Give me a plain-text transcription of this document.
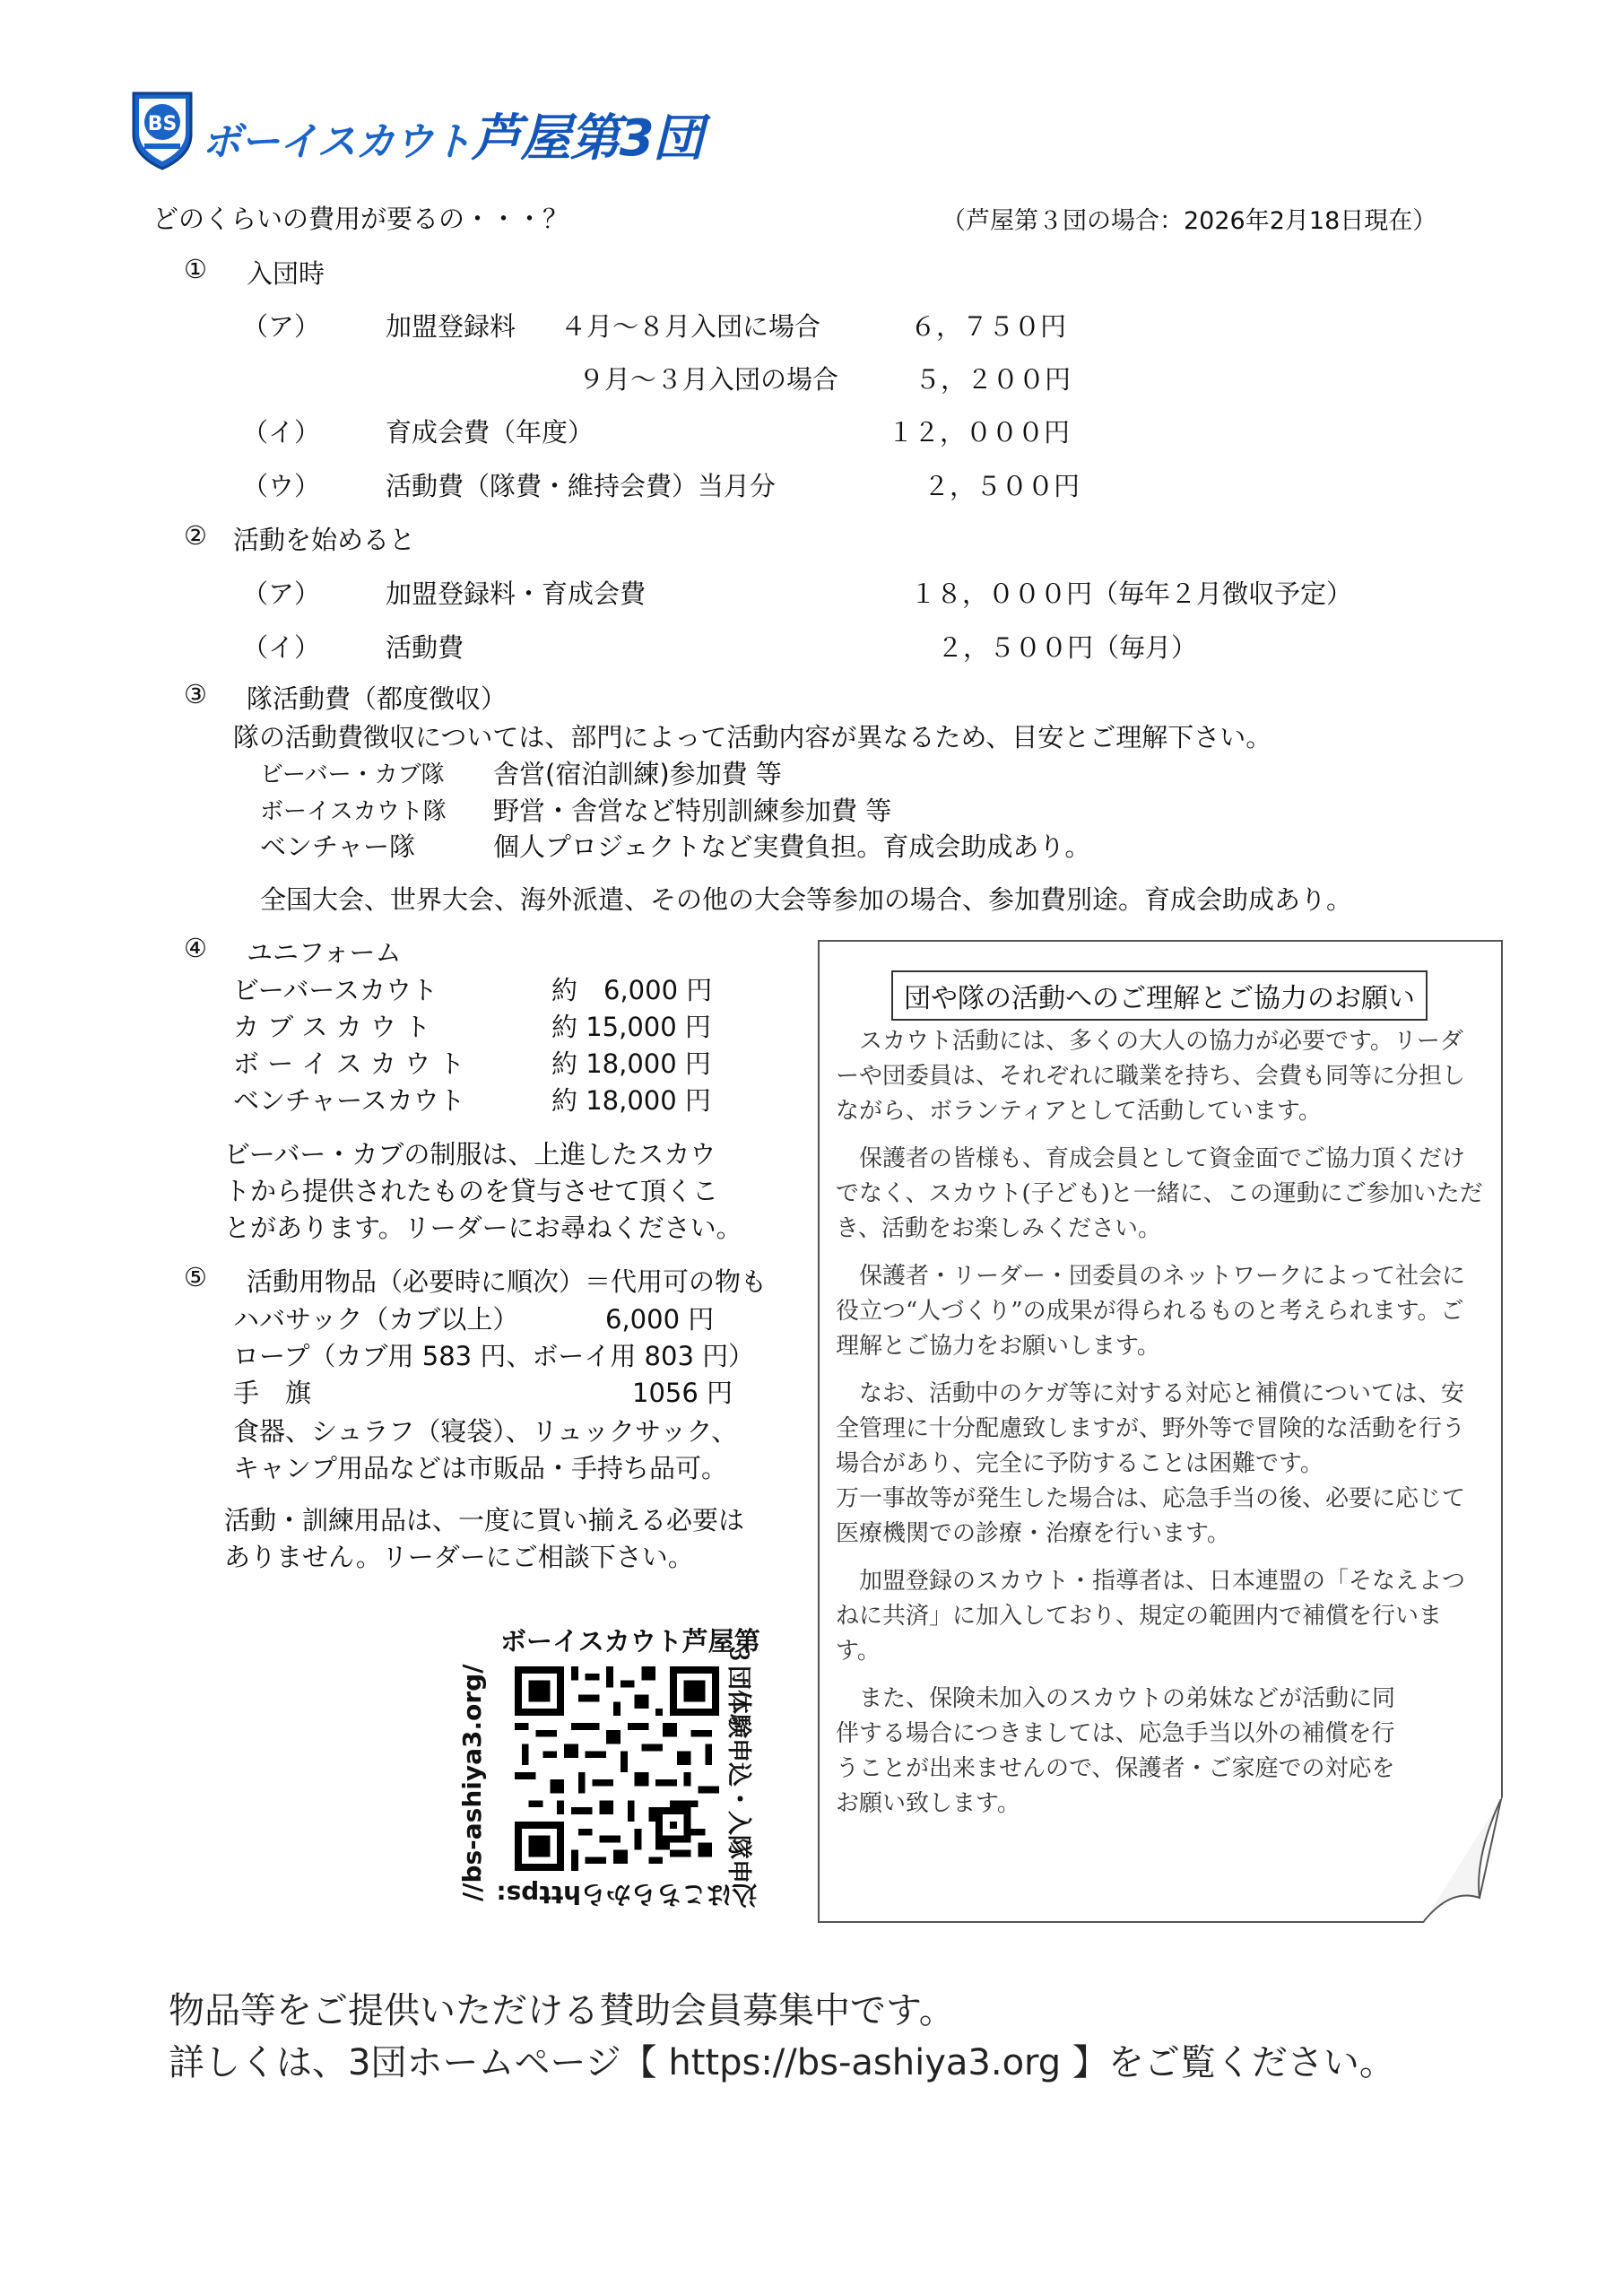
BS ボーイスカウト芦屋第3団
どのくらいの費用が要るの・・・？	（芦屋第３団の場合：2026年2月18日現在）
① 入団時
（ア）	加盟登録料 ４月～８月入団に場合	６，７５０円
９月～３月入団の場合	５，２００円
（イ）	育成会費（年度）	１２，０００円
（ウ）	活動費（隊費・維持会費）当月分	２，５００円
② 活動を始めると
（ア）	加盟登録料・育成会費	１８，０００円（毎年２月徴収予定）
（イ）	活動費	２，５００円（毎月）
③ 隊活動費（都度徴収）
隊の活動費徴収については、部門によって活動内容が異なるため、目安とご理解下さい。
ビーバー・カブ隊 舎営(宿泊訓練)参加費 等
ボーイスカウト隊 野営・舎営など特別訓練参加費 等
ベンチャー隊	個人プロジェクトなど実費負担。育成会助成あり。
全国大会、世界大会、海外派遣、その他の大会等参加の場合、参加費別途。育成会助成あり。
④ ユニフォーム
ビーバースカウト	約　6,000 円
カ ブ ス カ ウ ト	約 15,000 円
ボ ー イ ス カ ウ ト	約 18,000 円
ベンチャースカウト	約 18,000 円
ビーバー・カブの制服は、上進したスカウ
トから提供されたものを貸与させて頂くこ
とがあります。リーダーにお尋ねください。
⑤ 活動用物品（必要時に順次）＝代用可の物も
ハバサック（カブ以上）	6,000 円
ロープ（カブ用 583 円、ボーイ用 803 円）
手　旗	1056 円
食器、シュラフ（寝袋）、リュックサック、
キャンプ用品などは市販品・手持ち品可。
活動・訓練用品は、一度に買い揃える必要は
ありません。リーダーにご相談下さい。
団や隊の活動へのご理解とご協力のお願い

スカウト活動には、多くの大人の協力が必要です。リーダーや団委員は、それぞれに職業を持ち、会費も同等に分担しながら、ボランティアとして活動しています。

保護者の皆様も、育成会員として資金面でご協力頂くだけでなく、スカウト(子ども)と一緒に、この運動にご参加いただき、活動をお楽しみください。

保護者・リーダー・団委員のネットワークによって社会に役立つ“人づくり”の成果が得られるものと考えられます。ご理解とご協力をお願いします。

なお、活動中のケガ等に対する対応と補償については、安全管理に十分配慮致しますが、野外等で冒険的な活動を行う場合があり、完全に予防することは困難です。

万一事故等が発生した場合は、応急手当の後、必要に応じて医療機関での診療・治療を行います。

加盟登録のスカウト・指導者は、日本連盟の「そなえよつねに共済」に加入しており、規定の範囲内で補償を行います。

また、保険未加入のスカウトの弟妹などが活動に同伴する場合につきましては、応急手当以外の補償を行うことが出来ませんので、保護者・ご家庭での対応をお願い致します。

ボーイスカウト芦屋第
３団体験申込・入隊申
込はこちらからhttps:
//bs-ashiya3.org/
物品等をご提供いただける賛助会員募集中です。
詳しくは、3団ホームページ【 https://bs-ashiya3.org 】をご覧ください。
